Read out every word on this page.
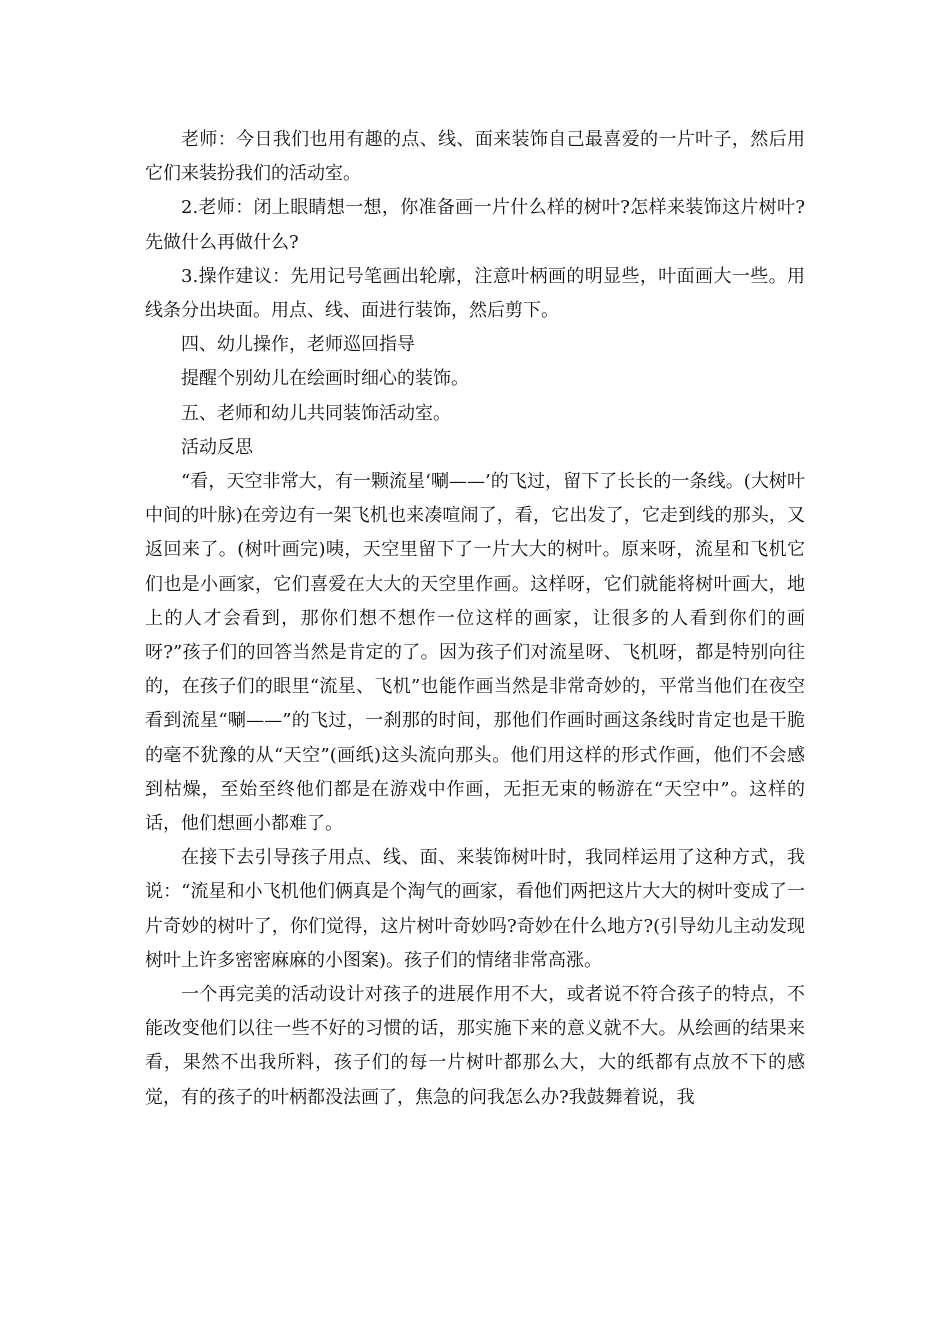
老师：今日我们也用有趣的点、线、面来装饰自己最喜爱的一片叶子，然后用它们来装扮我们的活动室。

2.老师：闭上眼睛想一想，你准备画一片什么样的树叶?怎样来装饰这片树叶?先做什么再做什么?

3.操作建议：先用记号笔画出轮廓，注意叶柄画的明显些，叶面画大一些。用线条分出块面。用点、线、面进行装饰，然后剪下。

四、幼儿操作，老师巡回指导

提醒个别幼儿在绘画时细心的装饰。

五、老师和幼儿共同装饰活动室。

活动反思

“看，天空非常大，有一颗流星‘唰——’的飞过，留下了长长的一条线。(大树叶中间的叶脉)在旁边有一架飞机也来凑喧闹了，看，它出发了，它走到线的那头，又返回来了。(树叶画完)咦，天空里留下了一片大大的树叶。原来呀，流星和飞机它们也是小画家，它们喜爱在大大的天空里作画。这样呀，它们就能将树叶画大，地上的人才会看到，那你们想不想作一位这样的画家，让很多的人看到你们的画呀?”孩子们的回答当然是肯定的了。因为孩子们对流星呀、飞机呀，都是特别向往的，在孩子们的眼里“流星、飞机”也能作画当然是非常奇妙的，平常当他们在夜空看到流星“唰——”的飞过，一刹那的时间，那他们作画时画这条线时肯定也是干脆的毫不犹豫的从“天空”(画纸)这头流向那头。他们用这样的形式作画，他们不会感到枯燥，至始至终他们都是在游戏中作画，无拒无束的畅游在“天空中”。这样的话，他们想画小都难了。

在接下去引导孩子用点、线、面、来装饰树叶时，我同样运用了这种方式，我说：“流星和小飞机他们俩真是个淘气的画家，看他们两把这片大大的树叶变成了一片奇妙的树叶了，你们觉得，这片树叶奇妙吗?奇妙在什么地方?(引导幼儿主动发现树叶上许多密密麻麻的小图案)。孩子们的情绪非常高涨。

一个再完美的活动设计对孩子的进展作用不大，或者说不符合孩子的特点，不能改变他们以往一些不好的习惯的话，那实施下来的意义就不大。从绘画的结果来看，果然不出我所料，孩子们的每一片树叶都那么大，大的纸都有点放不下的感觉，有的孩子的叶柄都没法画了，焦急的问我怎么办?我鼓舞着说，我
